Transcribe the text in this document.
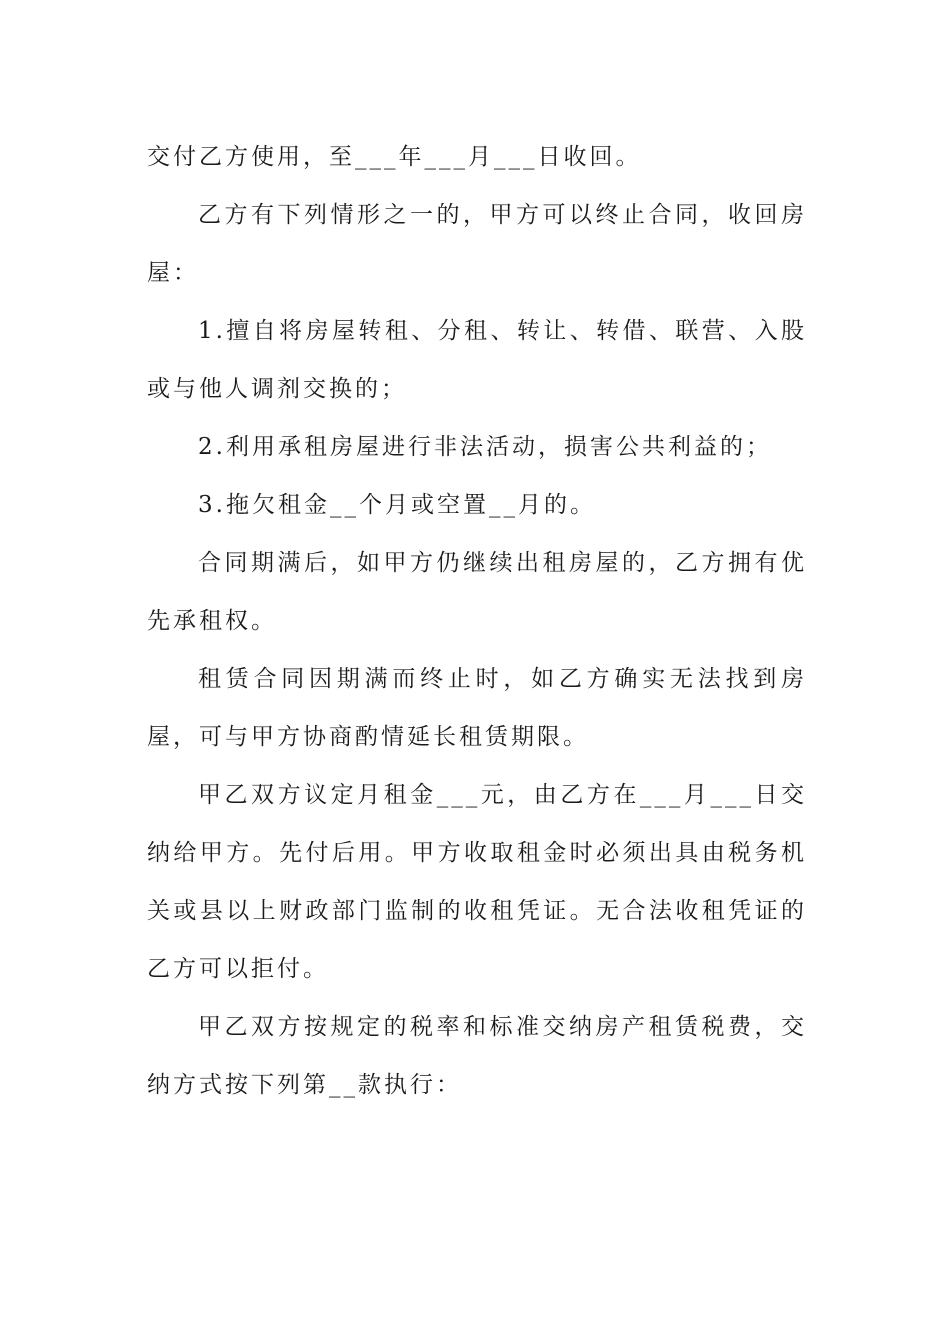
交付乙方使用，至___年___月___日收回。

乙方有下列情形之一的，甲方可以终止合同，收回房屋：

1.擅自将房屋转租、分租、转让、转借、联营、入股或与他人调剂交换的；

2.利用承租房屋进行非法活动，损害公共利益的；

3.拖欠租金__个月或空置__月的。

合同期满后，如甲方仍继续出租房屋的，乙方拥有优先承租权。

租赁合同因期满而终止时，如乙方确实无法找到房屋，可与甲方协商酌情延长租赁期限。

甲乙双方议定月租金___元，由乙方在___月___日交纳给甲方。先付后用。甲方收取租金时必须出具由税务机关或县以上财政部门监制的收租凭证。无合法收租凭证的乙方可以拒付。

甲乙双方按规定的税率和标准交纳房产租赁税费，交纳方式按下列第__款执行：
